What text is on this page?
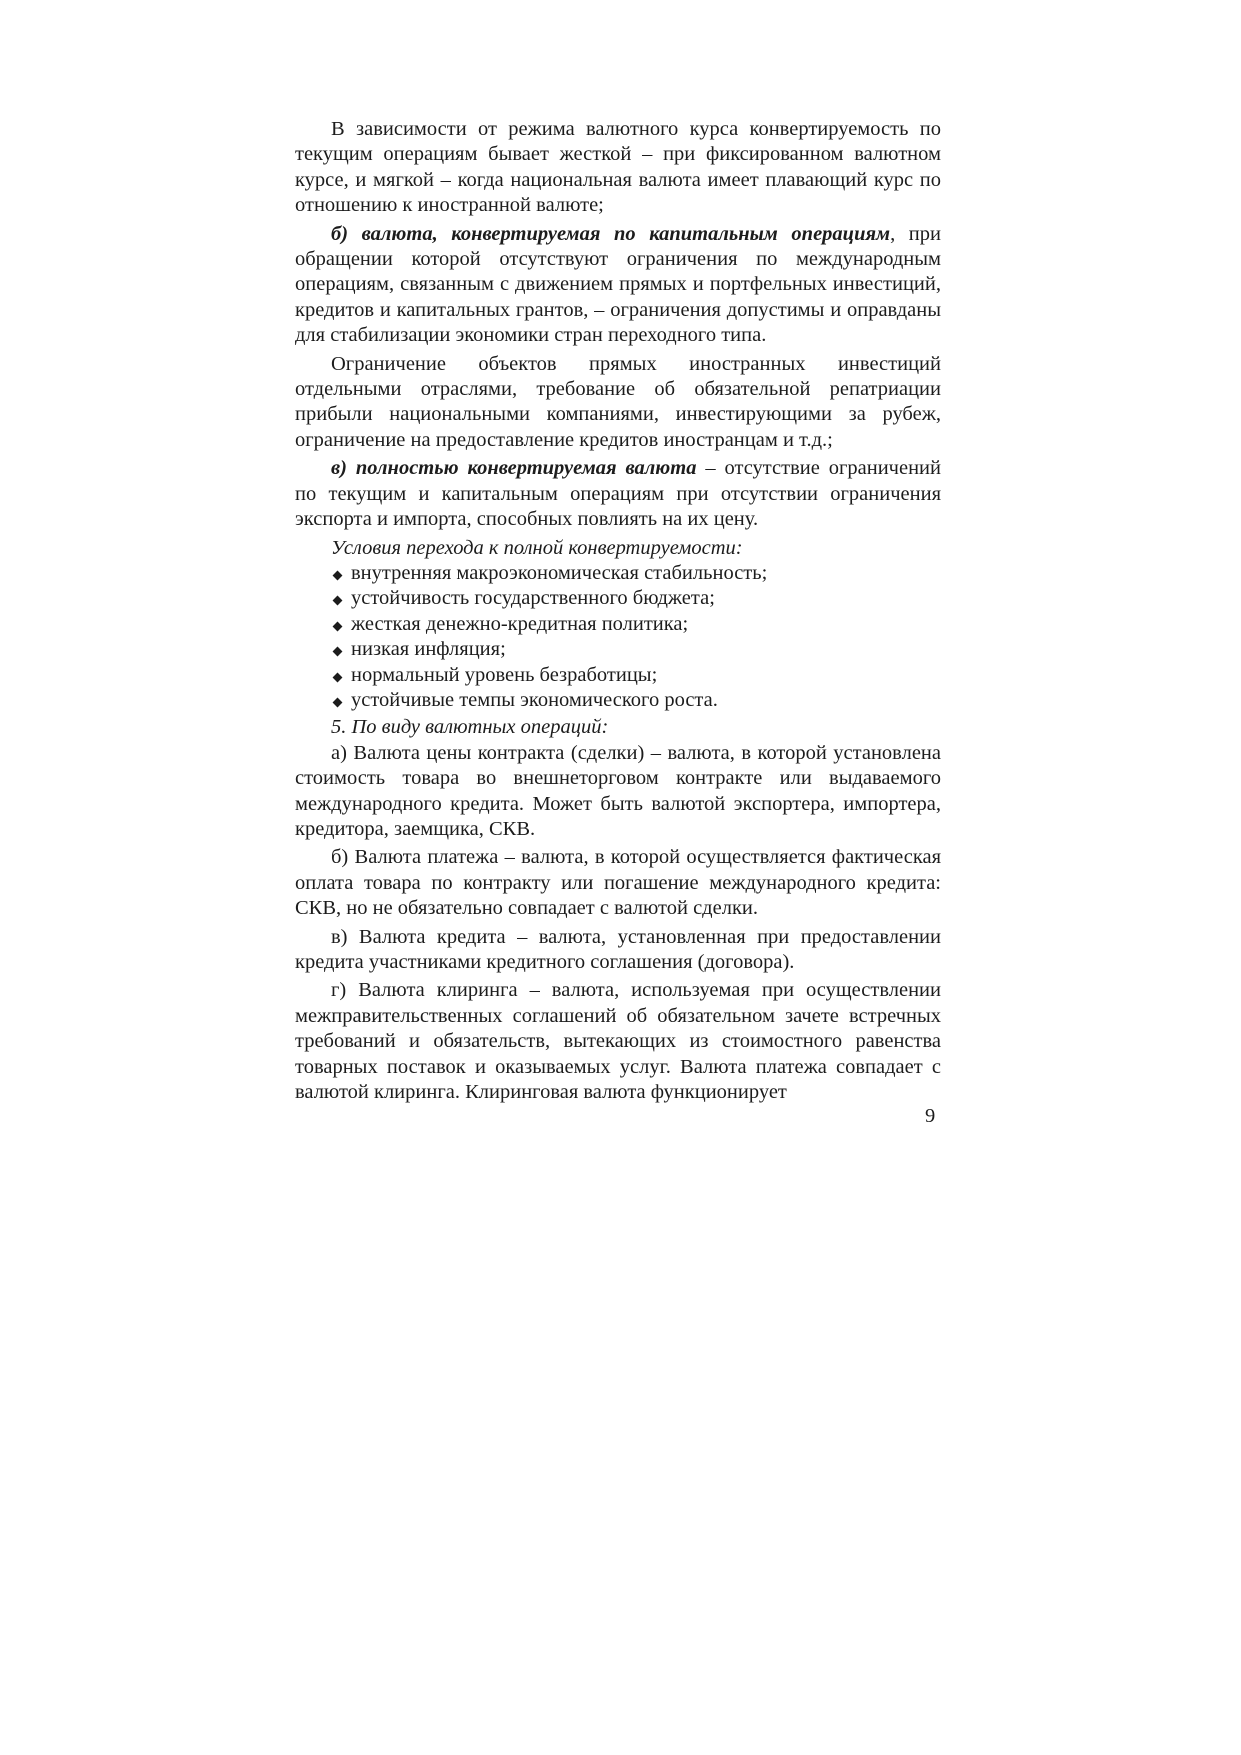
В зависимости от режима валютного курса конвертируемость по текущим операциям бывает жесткой – при фиксированном валютном курсе, и мягкой – когда национальная валюта имеет плавающий курс по отношению к иностранной валюте;

б) валюта, конвертируемая по капитальным операциям, при обращении которой отсутствуют ограничения по международным операциям, связанным с движением прямых и портфельных инвестиций, кредитов и капитальных грантов, – ограничения допустимы и оправданы для стабилизации экономики стран переходного типа.

Ограничение объектов прямых иностранных инвестиций отдельными отраслями, требование об обязательной репатриации прибыли национальными компаниями, инвестирующими за рубеж, ограничение на предоставление кредитов иностранцам и т.д.;

в) полностью конвертируемая валюта – отсутствие ограничений по текущим и капитальным операциям при отсутствии ограничения экспорта и импорта, способных повлиять на их цену.

Условия перехода к полной конвертируемости:

внутренняя макроэкономическая стабильность;
устойчивость государственного бюджета;
жесткая денежно-кредитная политика;
низкая инфляция;
нормальный уровень безработицы;
устойчивые темпы экономического роста.

5. По виду валютных операций:

а) Валюта цены контракта (сделки) – валюта, в которой установлена стоимость товара во внешнеторговом контракте или выдаваемого международного кредита. Может быть валютой экспортера, импортера, кредитора, заемщика, СКВ.

б) Валюта платежа – валюта, в которой осуществляется фактическая оплата товара по контракту или погашение международного кредита: СКВ, но не обязательно совпадает с валютой сделки.

в) Валюта кредита – валюта, установленная при предоставлении кредита участниками кредитного соглашения (договора).

г) Валюта клиринга – валюта, используемая при осуществлении межправительственных соглашений об обязательном зачете встречных требований и обязательств, вытекающих из стоимостного равенства товарных поставок и оказываемых услуг. Валюта платежа совпадает с валютой клиринга. Клиринговая валюта функционирует

9
